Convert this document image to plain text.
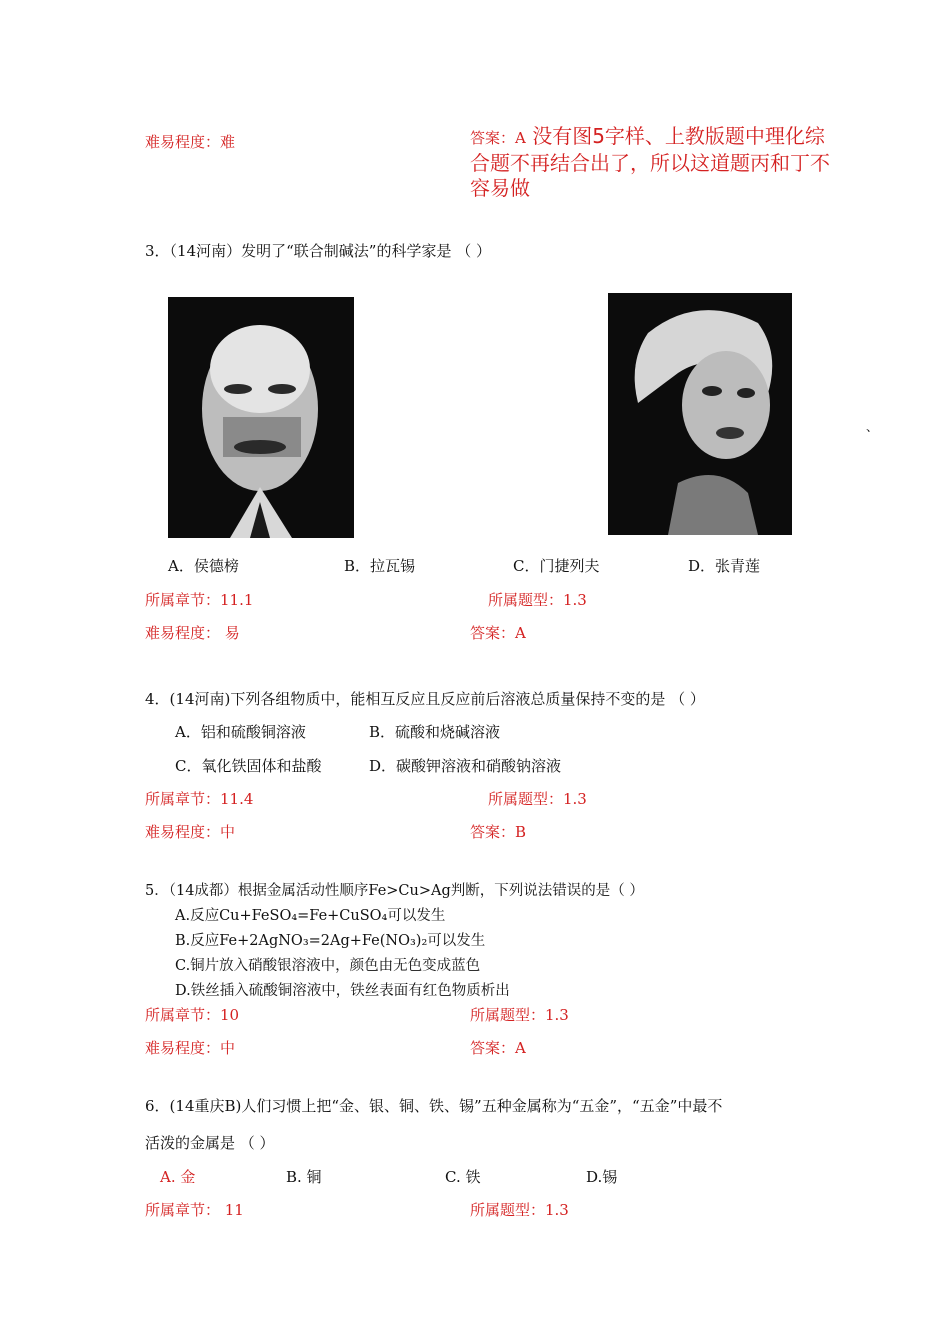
难易程度：难	答案：A 没有图5字样、上教版题中理化综合题不再结合出了，所以这道题丙和丁不容易做
3．（14河南）发明了“联合制碱法”的科学家是 （ ）
、
A．侯德榜	B．拉瓦锡	C．门捷列夫	D．张青莲
所属章节：11.1	所属题型：1.3
难易程度： 易	答案：A
4．(14河南)下列各组物质中，能相互反应且反应前后溶液总质量保持不变的是 （ ）
A．铝和硫酸铜溶液	B．硫酸和烧碱溶液
C．氧化铁固体和盐酸	D．碳酸钾溶液和硝酸钠溶液
所属章节：11.4	所属题型：1.3
难易程度：中	答案：B
5．（14成都）根据金属活动性顺序Fe>Cu>Ag判断，下列说法错误的是（ ）
A.反应Cu+FeSO₄=Fe+CuSO₄可以发生
B.反应Fe+2AgNO₃=2Ag+Fe(NO₃)₂可以发生
C.铜片放入硝酸银溶液中，颜色由无色变成蓝色
D.铁丝插入硫酸铜溶液中，铁丝表面有红色物质析出
所属章节：10	所属题型：1.3
难易程度：中	答案：A
6．(14重庆B)人们习惯上把“金、银、铜、铁、锡”五种金属称为“五金”，“五金”中最不
活泼的金属是 （ ）
A. 金	B. 铜	C. 铁	D.锡
所属章节： 11	所属题型：1.3
